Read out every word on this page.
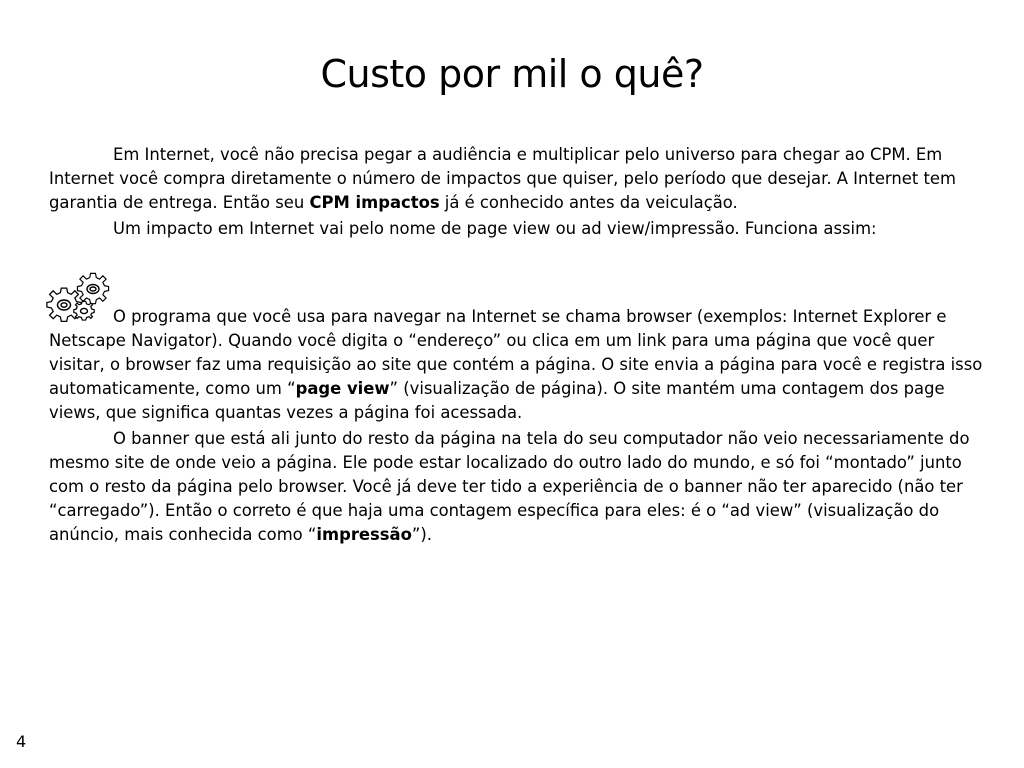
Custo por mil o quê?

Em Internet, você não precisa pegar a audiência e multiplicar pelo universo para chegar ao CPM. Em Internet você compra diretamente o número de impactos que quiser, pelo período que desejar. A Internet tem garantia de entrega. Então seu CPM impactos já é conhecido antes da veiculação.

Um impacto em Internet vai pelo nome de page view ou ad view/impressão. Funciona assim:

O programa que você usa para navegar na Internet se chama browser (exemplos: Internet Explorer e Netscape Navigator). Quando você digita o “endereço” ou clica em um link para uma página que você quer visitar, o browser faz uma requisição ao site que contém a página. O site envia a página para você e registra isso automaticamente, como um “page view” (visualização de página). O site mantém uma contagem dos page views, que significa quantas vezes a página foi acessada.

O banner que está ali junto do resto da página na tela do seu computador não veio necessariamente do mesmo site de onde veio a página. Ele pode estar localizado do outro lado do mundo, e só foi “montado” junto com o resto da página pelo browser. Você já deve ter tido a experiência de o banner não ter aparecido (não ter “carregado”). Então o correto é que haja uma contagem específica para eles: é o “ad view” (visualização do anúncio, mais conhecida como “impressão”).

4
